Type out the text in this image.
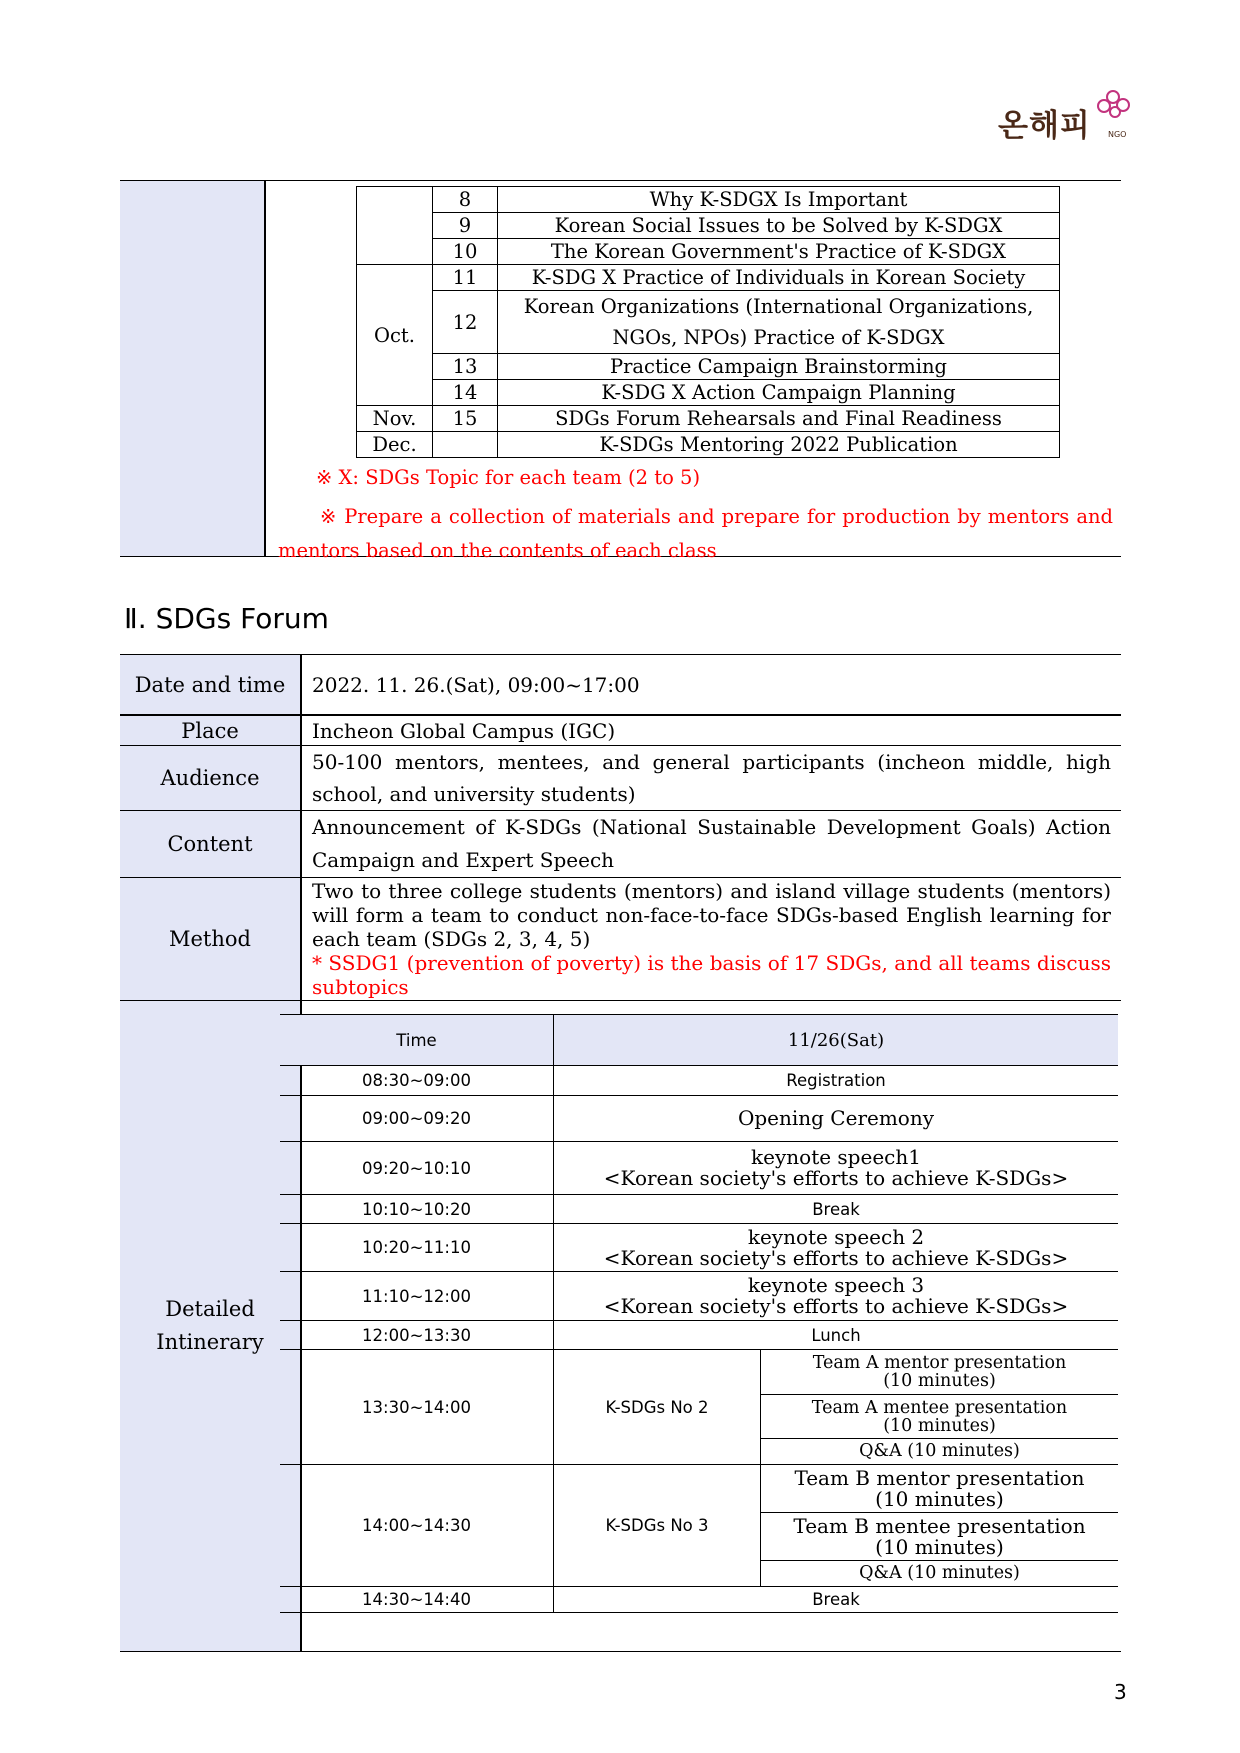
온해피 NGO

	8	Why K-SDGX Is Important
	9	Korean Social Issues to be Solved by K-SDGX
	10	The Korean Government's Practice of K-SDGX
Oct.	11	K-SDG X Practice of Individuals in Korean Society
	12	Korean Organizations (International Organizations, NGOs, NPOs) Practice of K-SDGX
	13	Practice Campaign Brainstorming
	14	K-SDG X Action Campaign Planning
Nov.	15	SDGs Forum Rehearsals and Final Readiness
Dec.		K-SDGs Mentoring 2022 Publication
※ X: SDGs Topic for each team (2 to 5)
※ Prepare a collection of materials and prepare for production by mentors and mentors based on the contents of each class
Ⅱ. SDGs Forum
Date and time	2022. 11. 26.(Sat), 09:00~17:00
Place	Incheon Global Campus (IGC)
Audience	50-100 mentors, mentees, and general participants (incheon middle, high school, and university students)
Content	Announcement of K-SDGs (National Sustainable Development Goals) Action Campaign and Expert Speech
Method	Two to three college students (mentors) and island village students (mentors) will form a team to conduct non-face-to-face SDGs-based English learning for each team (SDGs 2, 3, 4, 5)
* SSDG1 (prevention of poverty) is the basis of 17 SDGs, and all teams discuss subtopics
Detailed Intinerary	
Time	11/26(Sat)	
08:30~09:00	Registration	
09:00~09:20	Opening Ceremony	
09:20~10:10	keynote speech1
<Korean society's efforts to achieve K-SDGs>	
10:10~10:20	Break	
10:20~11:10	keynote speech 2
<Korean society's efforts to achieve K-SDGs>	
11:10~12:00	keynote speech 3
<Korean society's efforts to achieve K-SDGs>	
12:00~13:30	Lunch	
13:30~14:00	K-SDGs No 2	Team A mentor presentation
(10 minutes)
		Team A mentee presentation
(10 minutes)
		Q&A (10 minutes)
14:00~14:30	K-SDGs No 3	Team B mentor presentation
(10 minutes)
		Team B mentee presentation
(10 minutes)
		Q&A (10 minutes)
14:30~14:40	Break	
3
